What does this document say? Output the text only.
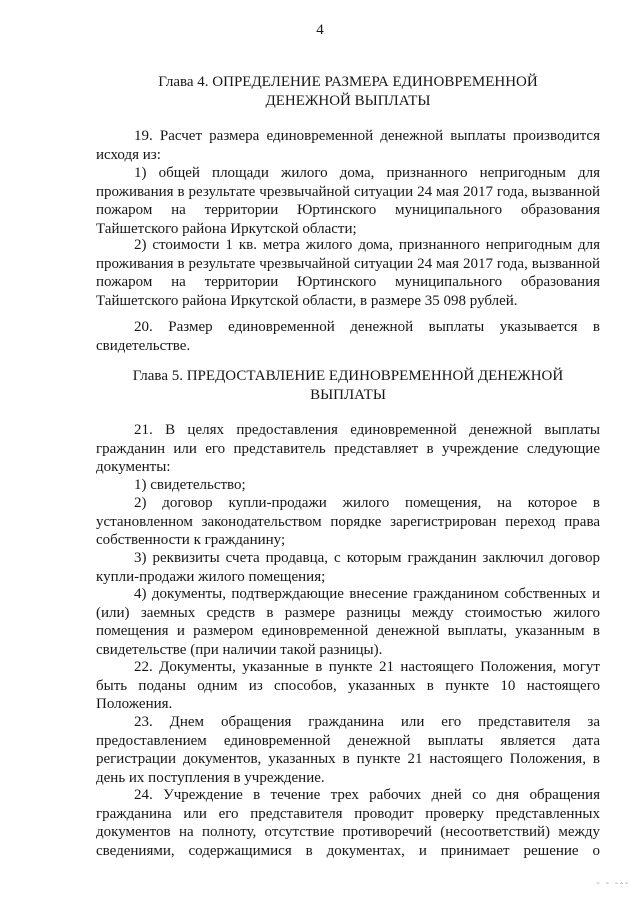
4
Глава 4. ОПРЕДЕЛЕНИЕ РАЗМЕРА ЕДИНОВРЕМЕННОЙ
ДЕНЕЖНОЙ ВЫПЛАТЫ

19. Расчет размера единовременной денежной выплаты производится исходя из:

1) общей площади жилого дома, признанного непригодным для проживания в результате чрезвычайной ситуации 24 мая 2017 года, вызванной пожаром на территории Юртинского муниципального образования Тайшетского района Иркутской области;

2) стоимости 1 кв. метра жилого дома, признанного непригодным для проживания в результате чрезвычайной ситуации 24 мая 2017 года, вызванной пожаром на территории Юртинского муниципального образования Тайшетского района Иркутской области, в размере 35 098 рублей.

20. Размер единовременной денежной выплаты указывается в свидетельстве.

Глава 5. ПРЕДОСТАВЛЕНИЕ ЕДИНОВРЕМЕННОЙ ДЕНЕЖНОЙ
ВЫПЛАТЫ

21. В целях предоставления единовременной денежной выплаты гражданин или его представитель представляет в учреждение следующие документы:

1) свидетельство;

2) договор купли-продажи жилого помещения, на которое в установленном законодательством порядке зарегистрирован переход права собственности к гражданину;

3) реквизиты счета продавца, с которым гражданин заключил договор купли-продажи жилого помещения;

4) документы, подтверждающие внесение гражданином собственных и (или) заемных средств в размере разницы между стоимостью жилого помещения и размером единовременной денежной выплаты, указанным в свидетельстве (при наличии такой разницы).

22. Документы, указанные в пункте 21 настоящего Положения, могут быть поданы одним из способов, указанных в пункте 10 настоящего Положения.

23. Днем обращения гражданина или его представителя за предоставлением единовременной денежной выплаты является дата регистрации документов, указанных в пункте 21 настоящего Положения, в день их поступления в учреждение.

24. Учреждение в течение трех рабочих дней со дня обращения гражданина или его представителя проводит проверку представленных документов на полноту, отсутствие противоречий (несоответствий) между сведениями, содержащимися в документах, и принимает решение о

˜ ˜ ˜ˆ˜
